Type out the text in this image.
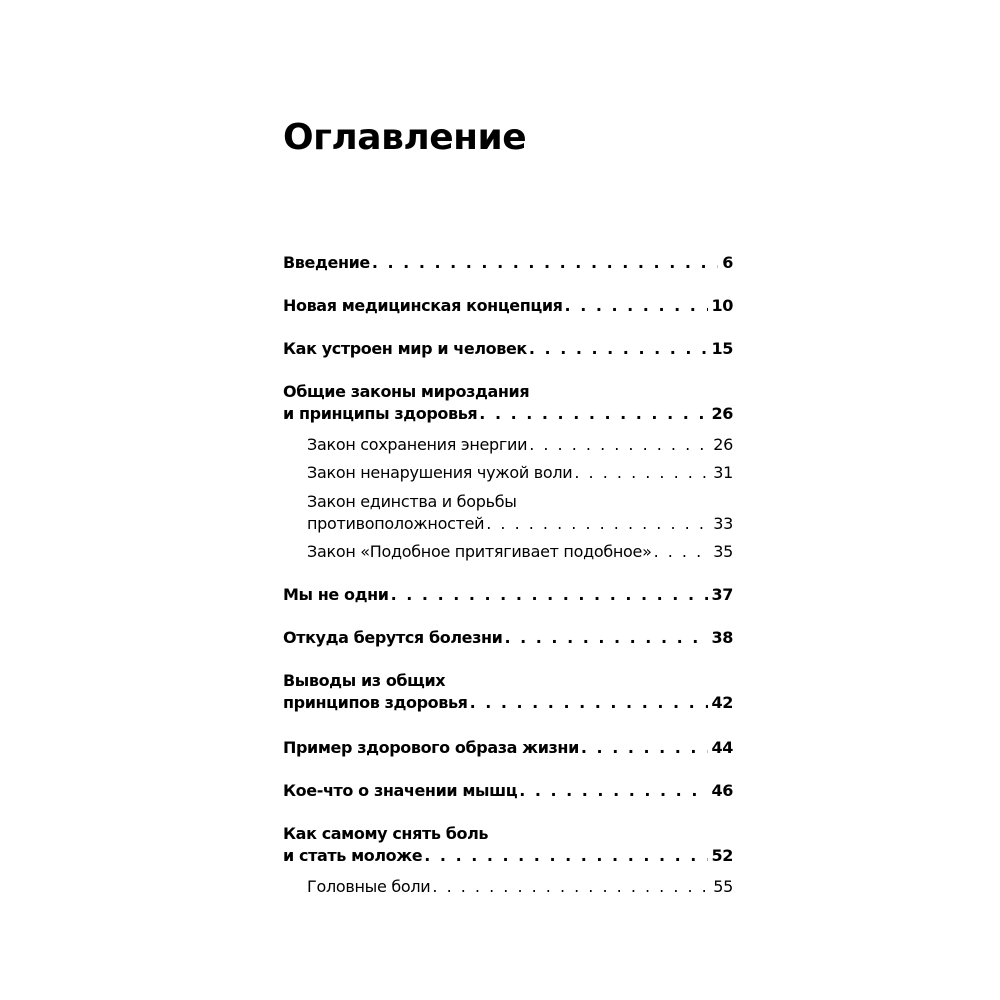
Оглавление
Введение . . .	6
Новая медицинская концепция . . .	10
Как устроен мир и человек . . .	15
Общие законы мироздания
и принципы здоровья . . .	26
Закон сохранения энергии . . .	26
Закон ненарушения чужой воли . . .	31
Закон единства и борьбы
противоположностей . . .	33
Закон «Подобное притягивает подобное» . . .	35
Мы не одни . . .	37
Откуда берутся болезни . . .	38
Выводы из общих
принципов здоровья . . .	42
Пример здорового образа жизни . . .	44
Кое-что о значении мышц . . .	46
Как самому снять боль
и стать моложе . . .	52
Головные боли . . .	55
